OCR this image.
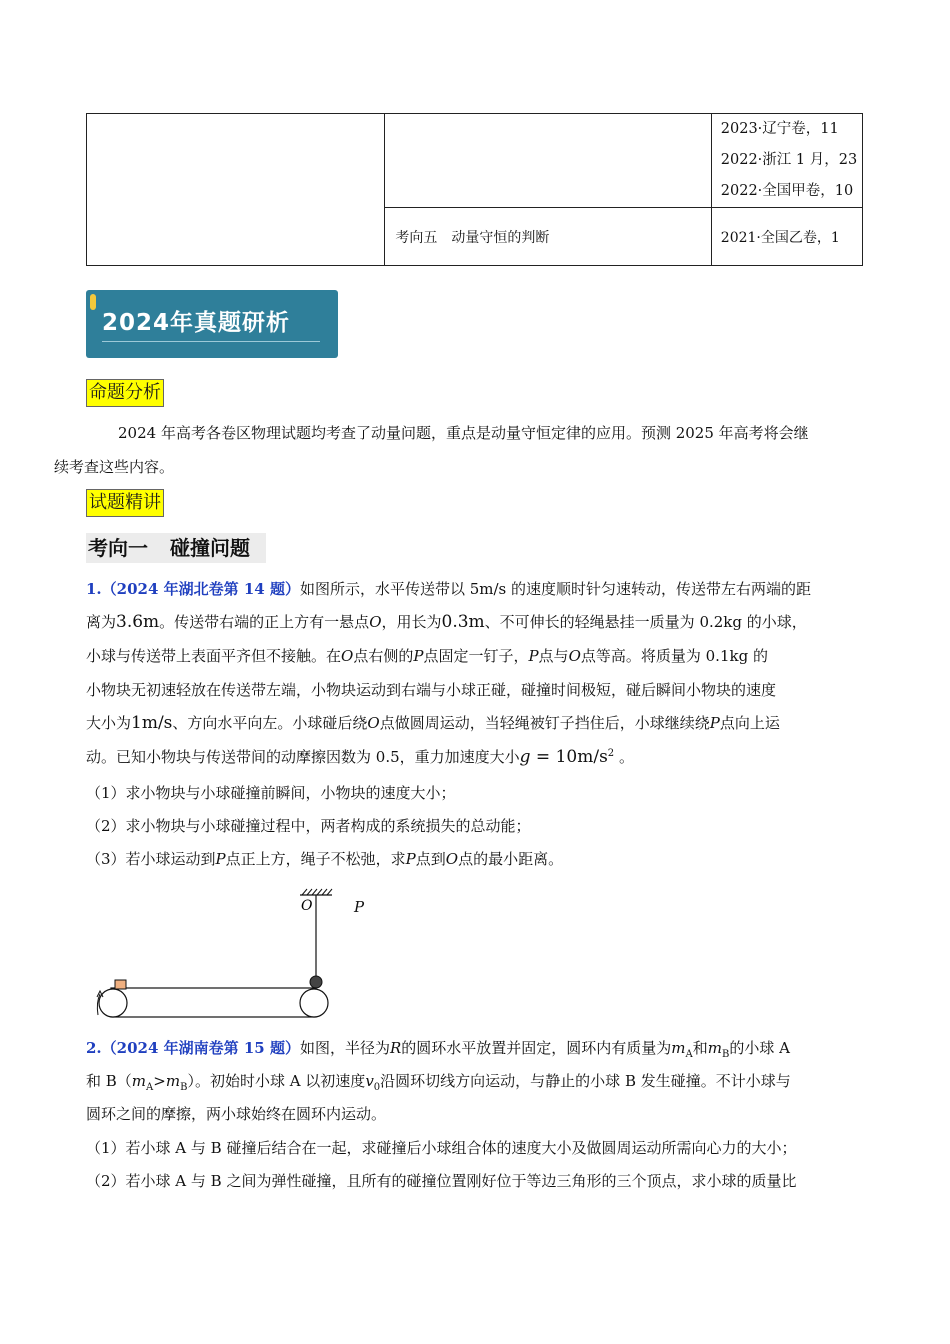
		2023·辽宁卷，11
2022·浙江 1 月，23
2022·全国甲卷，10

	考向五　动量守恒的判断	2021·全国乙卷，1
2024年真题研析
命题分析
2024 年高考各卷区物理试题均考查了动量问题，重点是动量守恒定律的应用。预测 2025 年高考将会继
续考查这些内容。
试题精讲
考向一 碰撞问题
1.（2024 年湖北卷第 14 题）如图所示，水平传送带以 5m/s 的速度顺时针匀速转动，传送带左右两端的距
离为3.6m。传送带右端的正上方有一悬点O，用长为0.3m、不可伸长的轻绳悬挂一质量为 0.2kg 的小球，
小球与传送带上表面平齐但不接触。在O点右侧的P点固定一钉子，P点与O点等高。将质量为 0.1kg 的
小物块无初速轻放在传送带左端，小物块运动到右端与小球正碰，碰撞时间极短，碰后瞬间小物块的速度
大小为1m/s、方向水平向左。小球碰后绕O点做圆周运动，当轻绳被钉子挡住后，小球继续绕P点向上运
动。已知小物块与传送带间的动摩擦因数为 0.5，重力加速度大小$g = 10m/s^2$ 。
（1）求小物块与小球碰撞前瞬间，小物块的速度大小；
（2）求小物块与小球碰撞过程中，两者构成的系统损失的总动能；
（3）若小球运动到P点正上方，绳子不松弛，求P点到O点的最小距离。
O	P
2.（2024 年湖南卷第 15 题）如图，半径为R的圆环水平放置并固定，圆环内有质量为$m_A$和$m_B$的小球 A
和 $B(m_A>m_B)$。初始时小球 A 以初速度$v_0$沿圆环切线方向运动，与静止的小球 B 发生碰撞。不计小球与
圆环之间的摩擦，两小球始终在圆环内运动。
（1）若小球 A 与 B 碰撞后结合在一起，求碰撞后小球组合体的速度大小及做圆周运动所需向心力的大小；
（2）若小球 A 与 B 之间为弹性碰撞，且所有的碰撞位置刚好位于等边三角形的三个顶点，求小球的质量比
